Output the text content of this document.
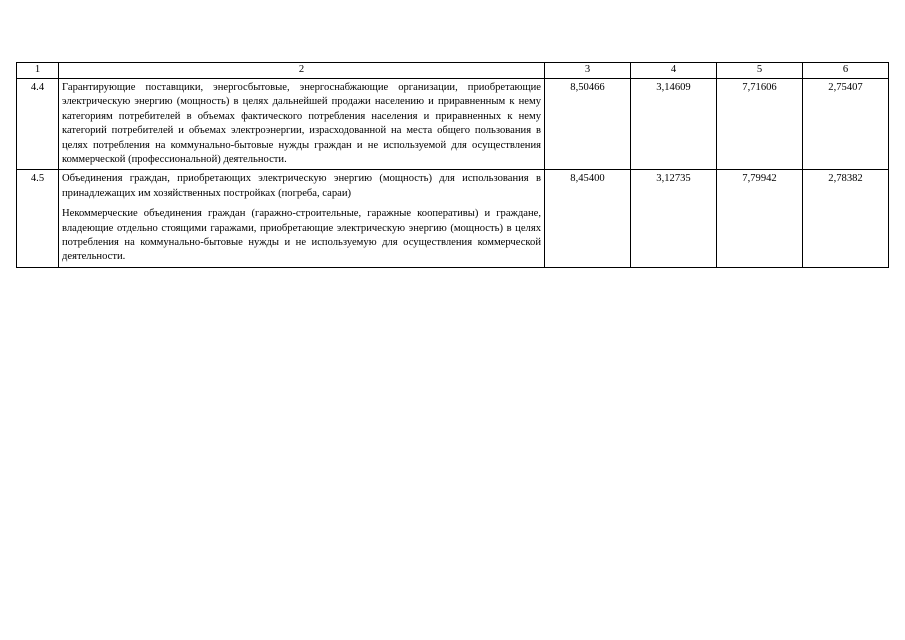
1	2	3	4	5	6
4.4	Гарантирующие поставщики, энергосбытовые, энергоснабжающие организации, приобретающие электрическую энергию (мощность) в целях дальнейшей продажи населению и приравненным к нему категориям потребителей в объемах фактического потребления населения и приравненных к нему категорий потребителей и объемах электроэнергии, израсходованной на места общего пользования в целях потребления на коммунально-бытовые нужды граждан и не используемой для осуществления коммерческой (профессиональной) деятельности.	8,50466	3,14609	7,71606	2,75407
4.5	Объединения граждан, приобретающих электрическую энергию (мощность) для использования в принадлежащих им хозяйственных постройках (погреба, сараи)

Некоммерческие объединения граждан (гаражно-строительные, гаражные кооперативы) и граждане, владеющие отдельно стоящими гаражами, приобретающие электрическую энергию (мощность) в целях потребления на коммунально-бытовые нужды и не используемую для осуществления коммерческой деятельности.	8,45400	3,12735	7,79942	2,78382
